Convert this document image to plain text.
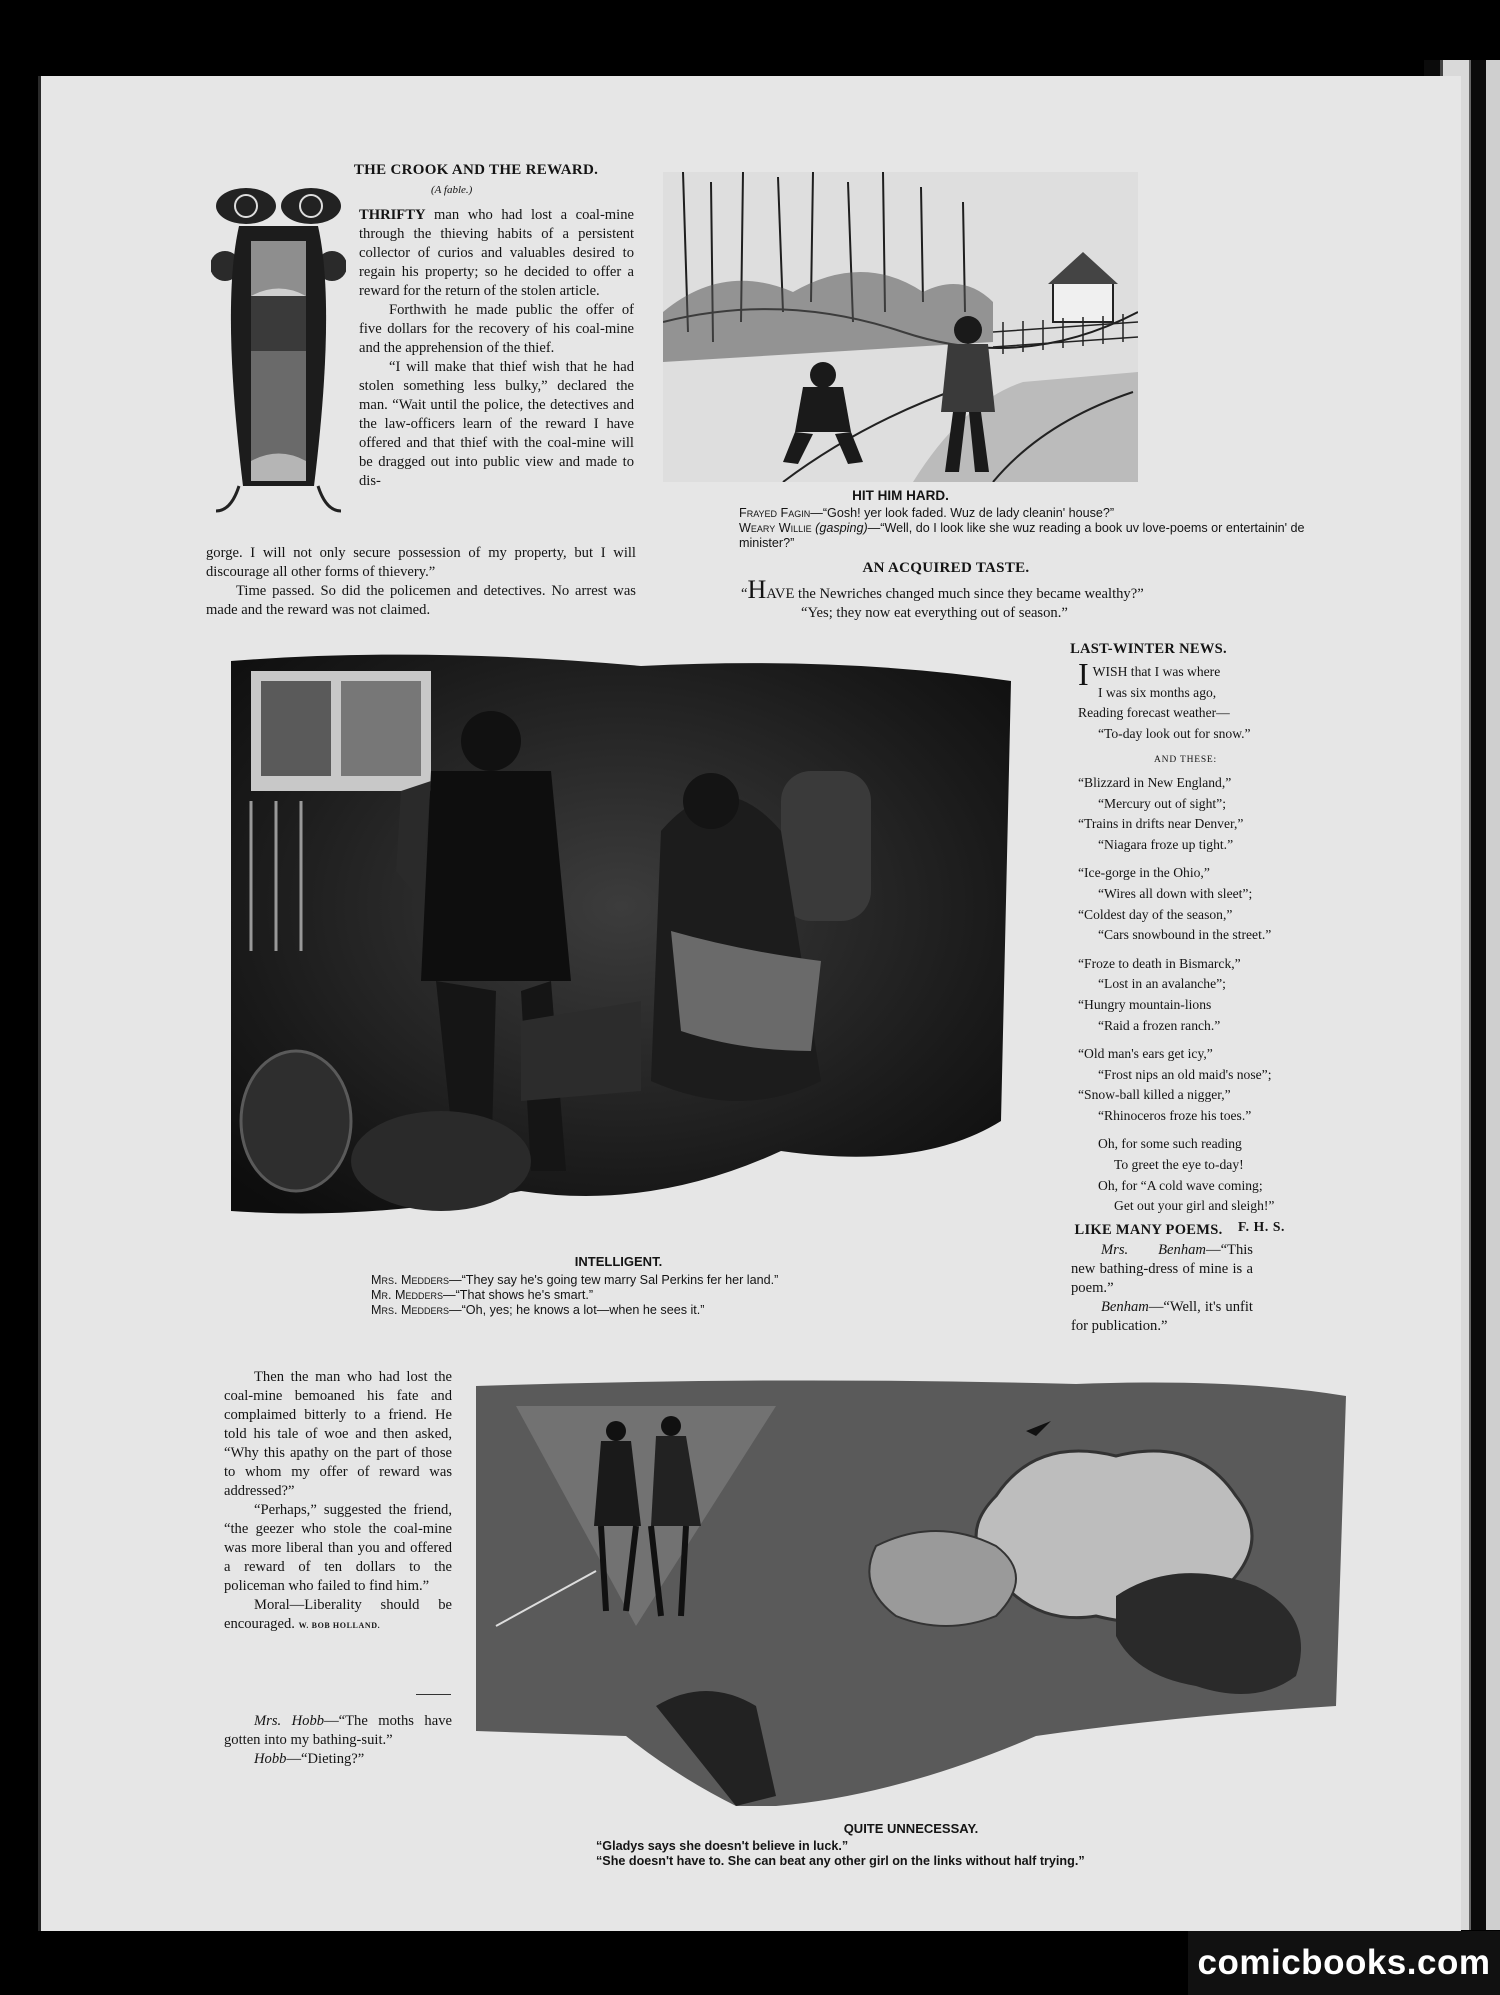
THE CROOK AND THE REWARD.
(A fable.)

THRIFTY man who had lost a coal-mine through the thieving habits of a persistent collector of curios and valuables desired to regain his property; so he decided to offer a reward for the return of the stolen article.

Forthwith he made public the offer of five dollars for the recovery of his coal-mine and the apprehension of the thief.

“I will make that thief wish that he had stolen something less bulky,” declared the man. “Wait until the police, the detectives and the law-officers learn of the reward I have offered and that thief with the coal-mine will be dragged out into public view and made to dis-

gorge. I will not only secure possession of my property, but I will discourage all other forms of thievery.”

Time passed. So did the policemen and detectives. No arrest was made and the reward was not claimed.

HIT HIM HARD.
Frayed Fagin—“Gosh! yer look faded. Wuz de lady cleanin' house?”
Weary Willie (gasping)—“Well, do I look like she wuz reading a book uv love-poems or entertainin' de minister?”
AN ACQUIRED TASTE.
“HAVE the Newriches changed much since they became wealthy?”
“Yes; they now eat everything out of season.”
INTELLIGENT.
Mrs. Medders—“They say he's going tew marry Sal Perkins fer her land.”
Mr. Medders—“That shows he's smart.”
Mrs. Medders—“Oh, yes; he knows a lot—when he sees it.”
LAST-WINTER NEWS.
I WISH that I was where
I was six months ago,
Reading forecast weather—
“To-day look out for snow.”
AND THESE:
“Blizzard in New England,”
“Mercury out of sight”;
“Trains in drifts near Denver,”
“Niagara froze up tight.”
“Ice-gorge in the Ohio,”
“Wires all down with sleet”;
“Coldest day of the season,”
“Cars snowbound in the street.”
“Froze to death in Bismarck,”
“Lost in an avalanche”;
“Hungry mountain-lions
“Raid a frozen ranch.”
“Old man's ears get icy,”
“Frost nips an old maid's nose”;
“Snow-ball killed a nigger,”
“Rhinoceros froze his toes.”
Oh, for some such reading
To greet the eye to-day!
Oh, for “A cold wave coming;
Get out your girl and sleigh!”
F. H. S.
LIKE MANY POEMS.

Mrs. Benham—“This new bathing-dress of mine is a poem.”

Benham—“Well, it's unfit for publication.”

Then the man who had lost the coal-mine bemoaned his fate and complaimed bitterly to a friend. He told his tale of woe and then asked, “Why this apathy on the part of those to whom my offer of reward was addressed?”

“Perhaps,” suggested the friend, “the geezer who stole the coal-mine was more liberal than you and offered a reward of ten dollars to the policeman who failed to find him.”

Moral—Liberality should be encouraged. W. BOB HOLLAND.

Mrs. Hobb—“The moths have gotten into my bathing-suit.”

Hobb—“Dieting?”

QUITE UNNECESSAY.
“Gladys says she doesn't believe in luck.”
“She doesn't have to. She can beat any other girl on the links without half trying.”
comicbooks.com
